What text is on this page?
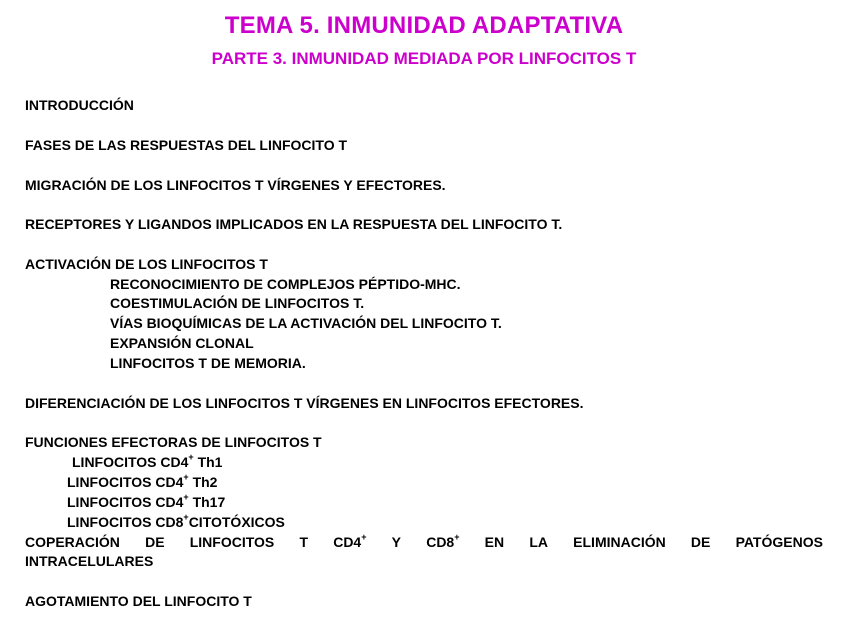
TEMA 5. INMUNIDAD ADAPTATIVA
PARTE 3. INMUNIDAD MEDIADA POR LINFOCITOS T
INTRODUCCIÓN
FASES DE LAS RESPUESTAS DEL LINFOCITO T
MIGRACIÓN DE LOS LINFOCITOS T VÍRGENES Y EFECTORES.
RECEPTORES Y LIGANDOS IMPLICADOS EN LA RESPUESTA DEL LINFOCITO T.
ACTIVACIÓN DE LOS LINFOCITOS T
RECONOCIMIENTO DE COMPLEJOS PÉPTIDO-MHC.
COESTIMULACIÓN DE LINFOCITOS T.
VÍAS BIOQUÍMICAS DE LA ACTIVACIÓN DEL LINFOCITO T.
EXPANSIÓN CLONAL
LINFOCITOS T DE MEMORIA.
DIFERENCIACIÓN DE LOS LINFOCITOS T VÍRGENES EN LINFOCITOS EFECTORES.
FUNCIONES EFECTORAS DE LINFOCITOS T
LINFOCITOS CD4+ Th1
LINFOCITOS CD4+ Th2
LINFOCITOS CD4+ Th17
LINFOCITOS CD8+CITOTÓXICOS
COPERACIÓN DE LINFOCITOS T CD4+ Y CD8+ EN LA ELIMINACIÓN DE PATÓGENOS
INTRACELULARES
AGOTAMIENTO DEL LINFOCITO T
